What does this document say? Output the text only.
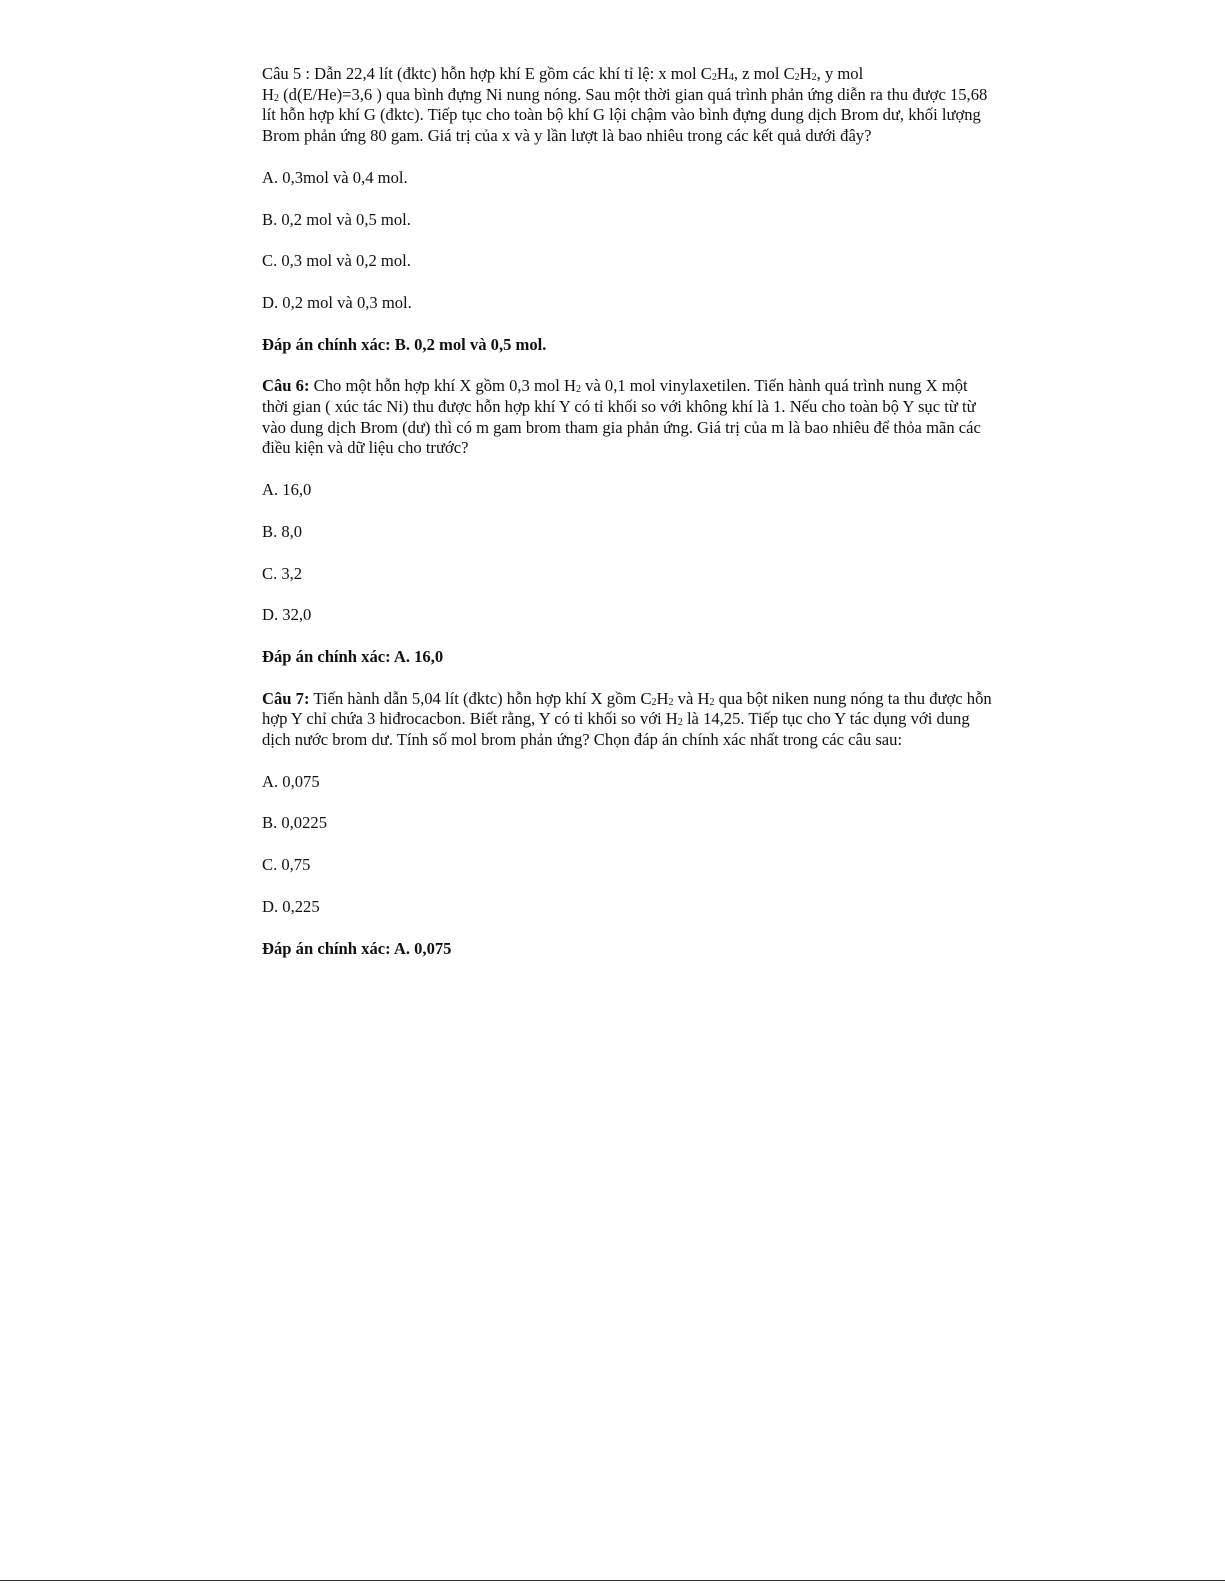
Câu 5 : Dẫn 22,4 lít (đktc) hỗn hợp khí E gồm các khí tỉ lệ: x mol $C_2H_4$, z mol $C_2H_2$, y mol
$H_2$ (d(E/He)=3,6 ) qua bình đựng Ni nung nóng. Sau một thời gian quá trình phản ứng diễn ra thu được 15,68 lít hỗn hợp khí G (đktc). Tiếp tục cho toàn bộ khí G lội chậm vào bình đựng dung dịch Brom dư, khối lượng Brom phản ứng 80 gam. Giá trị của x và y lần lượt là bao nhiêu trong các kết quả dưới đây?

A. 0,3mol và 0,4 mol.

B. 0,2 mol và 0,5 mol.

C. 0,3 mol và 0,2 mol.

D. 0,2 mol và 0,3 mol.

Đáp án chính xác: B. 0,2 mol và 0,5 mol.

Câu 6: Cho một hỗn hợp khí X gồm 0,3 mol $H_2$ và 0,1 mol vinylaxetilen. Tiến hành quá trình nung X một thời gian ( xúc tác Ni) thu được hỗn hợp khí Y có tỉ khối so với không khí là 1. Nếu cho toàn bộ Y sục từ từ vào dung dịch Brom (dư) thì có m gam brom tham gia phản ứng. Giá trị của m là bao nhiêu để thỏa mãn các điều kiện và dữ liệu cho trước?

A. 16,0

B. 8,0

C. 3,2

D. 32,0

Đáp án chính xác: A. 16,0

Câu 7: Tiến hành dẫn 5,04 lít (đktc) hỗn hợp khí X gồm $C_2H_2$ và $H_2$ qua bột niken nung nóng ta thu được hỗn hợp Y chỉ chứa 3 hiđrocacbon. Biết rằng, Y có tỉ khối so với $H_2$ là 14,25. Tiếp tục cho Y tác dụng với dung dịch nước brom dư. Tính số mol brom phản ứng? Chọn đáp án chính xác nhất trong các câu sau:

A. 0,075

B. 0,0225

C. 0,75

D. 0,225

Đáp án chính xác: A. 0,075
